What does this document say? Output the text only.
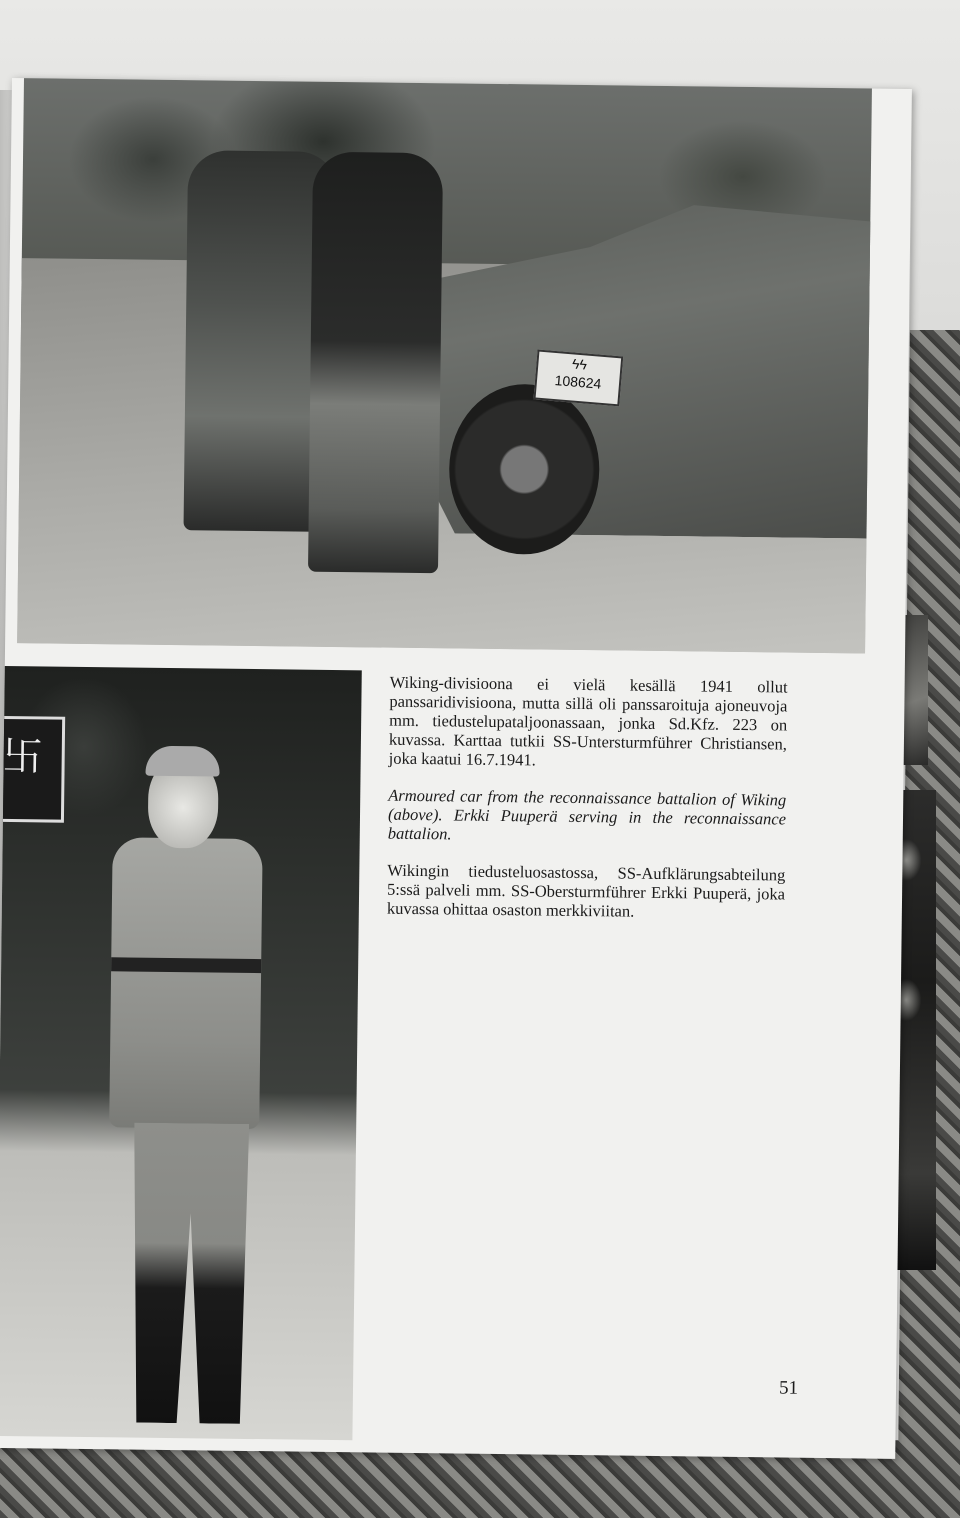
ϟϟ
108624
卐

Wiking-divisioona ei vielä kesällä 1941 ollut panssaridivisioona, mutta sillä oli panssaroituja ajoneuvoja mm. tiedustelupataljoonassaan, jonka Sd.Kfz. 223 on kuvassa. Karttaa tutkii SS-Untersturmführer Christiansen, joka kaatui 16.7.1941.

Armoured car from the reconnaissance battalion of Wiking (above). Erkki Puuperä serving in the reconnaissance battalion.

Wikingin tiedusteluosastossa, SS-Aufklärungsabteilung 5:ssä palveli mm. SS-Obersturmführer Erkki Puuperä, joka kuvassa ohittaa osaston merkkiviitan.

51
